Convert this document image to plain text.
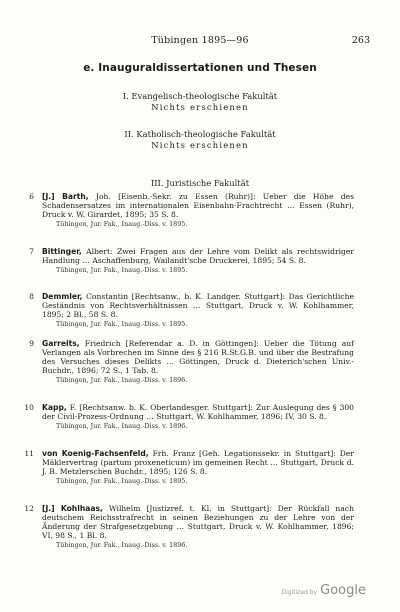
Tübingen 1895—96	263
e. Inauguraldissertationen und Thesen
I. Evangelisch-theologische Fakultät
Nichts erschienen
II. Katholisch-theologische Fakultät
Nichts erschienen
III. Juristische Fakultät
6 [J.] Barth, Joh. [Eisenb.-Sekr. zu Essen (Ruhr)]: Ueber die Höhe des Schadensersatzes im internationalen Eisenbahn-Frachtrecht … Essen (Ruhr), Druck v. W. Girardet, 1895; 35 S. 8.
Tübingen, Jur. Fak., Inaug.-Diss. v. 1895.
7 Bittinger, Albert: Zwei Fragen aus der Lehre vom Delikt als rechtswidriger Handlung … Aschaffenburg, Wailandt'sche Druckerei, 1895; 54 S. 8.
Tübingen, Jur. Fak., Inaug.-Diss. v. 1895.
8 Demmler, Constantin [Rechtsanw., b. K. Landger. Stuttgart]: Das Gerichtliche Geständnis von Rechtsverhältnissen … Stuttgart, Druck v. W. Kohlhammer, 1895; 2 Bl., 58 S. 8.
Tübingen, Jur. Fak., Inaug.-Diss. v. 1895.
9 Garreits, Friedrich [Referendar a. D. in Göttingen]: Ueber die Tötung auf Verlangen als Vorbrechen im Sinne des § 216 R.St.G.B. und über die Bestrafung des Versuches dieses Delikts … Göttingen, Druck d. Dieterich'schen Univ.-Buchdr., 1896; 72 S., 1 Tab. 8.
Tübingen, Jur. Fak., Inaug.-Diss. v. 1896.
10 Kapp, F. [Rechtsanw. b. K. Oberlandesger. Stuttgart]: Zur Auslegung des § 300 der Civil-Prozess-Ordnung … Stuttgart, W. Kohlhammer, 1896; IV, 30 S. 8.
Tübingen, Jur. Fak., Inaug.-Diss. v. 1896.
11 von Koenig-Fachsenfeld, Frh. Franz [Geh. Legationssekr. in Stuttgart]: Der Mäklervertrag (partum proxeneticum) im gemeinen Recht … Stuttgart, Druck d. J. B. Metzlerschen Buchdr., 1895; 126 S. 8.
Tübingen, Jur. Fak., Inaug.-Diss. v. 1895.
12 [J.] Kohlhaas, Wilhelm [Justizref. t. Kl. in Stuttgart]: Der Rückfall nach deutschem Reichsstrafrecht in seinen Beziehungen zu der Lehre von der Änderung der Strafgesetzgebung … Stuttgart, Druck v. W. Kohlhammer, 1896; VI, 98 S., 1 Bl. 8.
Tübingen, Jur. Fak., Inaug.-Diss. v. 1896.
Digitized by Google
